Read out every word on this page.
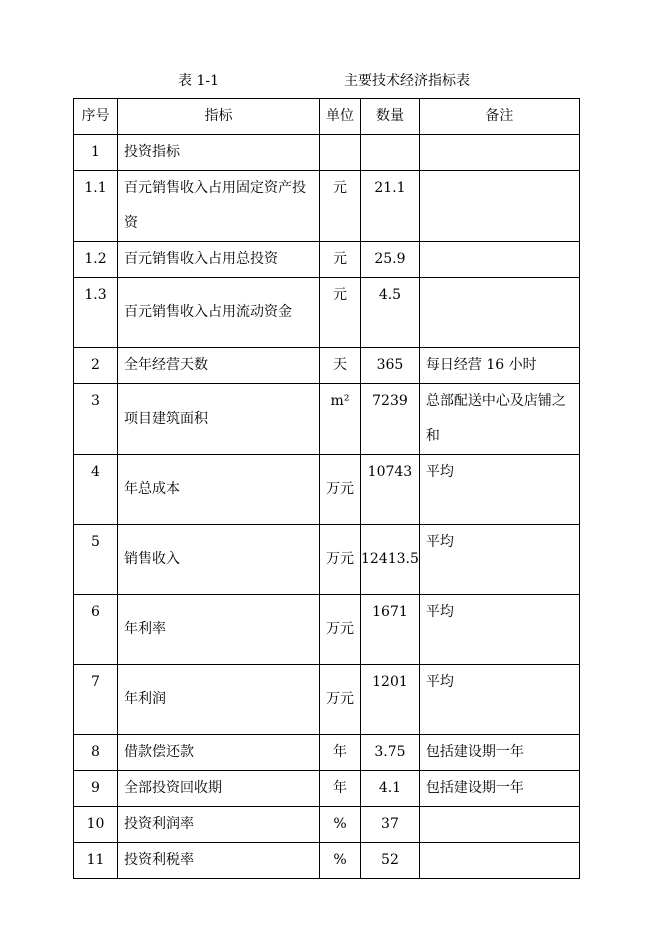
表 1-1	主要技术经济指标表
序号	指标	单位	数量	备注
1	投资指标			
1.1	百元销售收入占用固定资产投资	元	21.1	
1.2	百元销售收入占用总投资	元	25.9	
1.3	百元销售收入占用流动资金	元	4.5	
2	全年经营天数	天	365	每日经营 16 小时
3	项目建筑面积	m²	7239	总部配送中心及店铺之和
4	年总成本	万元	10743	平均
5	销售收入	万元	12413.5	平均
6	年利率	万元	1671	平均
7	年利润	万元	1201	平均
8	借款偿还款	年	3.75	包括建设期一年
9	全部投资回收期	年	4.1	包括建设期一年
10	投资利润率	%	37	
11	投资利税率	%	52	
